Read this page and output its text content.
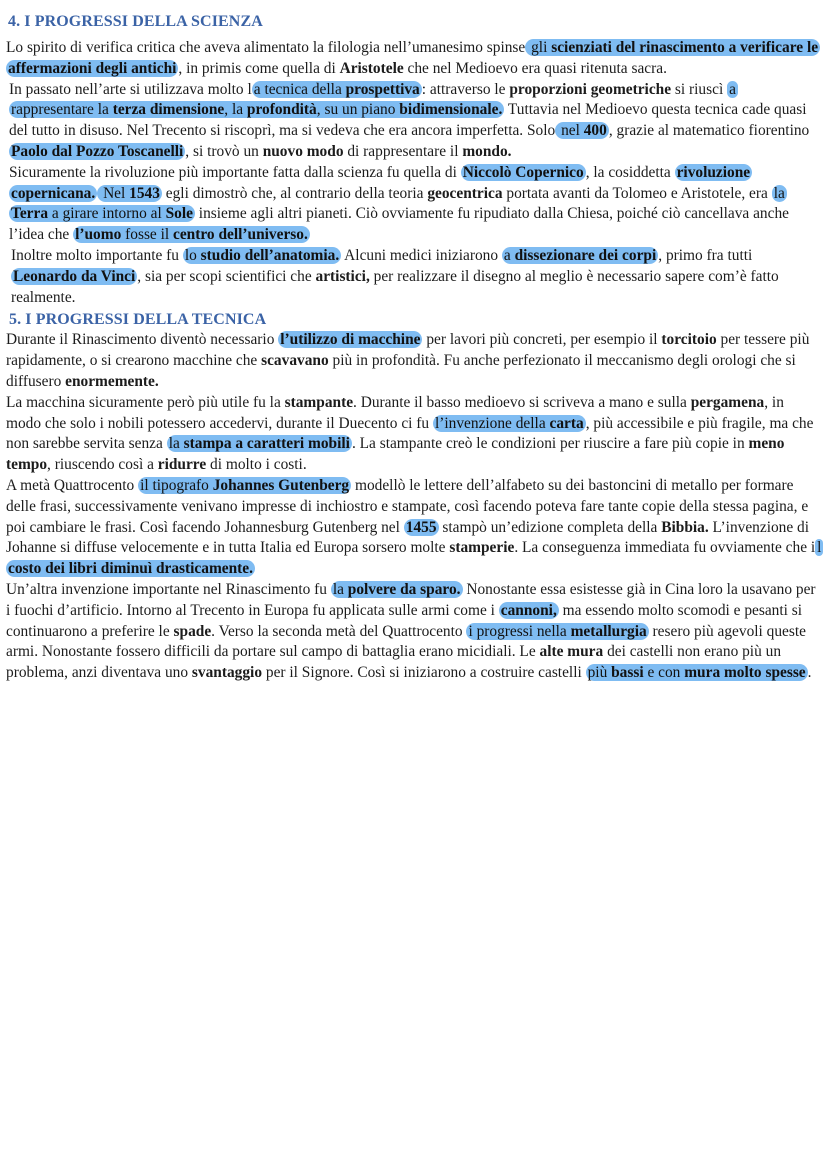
4. I PROGRESSI DELLA SCIENZA

Lo spirito di verifica critica che aveva alimentato la filologia nell’umanesimo spinse gli scienziati del rinascimento a verificare le affermazioni degli antichi , in primis come quella di Aristotele che nel Medioevo era quasi ritenuta sacra.

In passato nell’arte si utilizzava molto l a tecnica della prospettiva : attraverso le proporzioni geometriche si riuscì a rappresentare la terza dimensione, la profondità, su un piano bidimensionale. Tuttavia nel Medioevo questa tecnica cade quasi del tutto in disuso. Nel Trecento si riscoprì, ma si vedeva che era ancora imperfetta. Solo nel 400 , grazie al matematico fiorentino Paolo dal Pozzo Toscanelli , si trovò un nuovo modo di rappresentare il mondo.

Sicuramente la rivoluzione più importante fatta dalla scienza fu quella di Niccolò Copernico , la cosiddetta rivoluzione copernicana. Nel 1543 egli dimostrò che, al contrario della teoria geocentrica portata avanti da Tolomeo e Aristotele, era la Terra a girare intorno al Sole insieme agli altri pianeti. Ciò ovviamente fu ripudiato dalla Chiesa, poiché ciò cancellava anche l’idea che l’uomo fosse il centro dell’universo.

Inoltre molto importante fu lo studio dell’anatomia. Alcuni medici iniziarono a dissezionare dei corpi , primo fra tutti Leonardo da Vinci , sia per scopi scientifici che artistici, per realizzare il disegno al meglio è necessario sapere com’è fatto realmente.

5. I PROGRESSI DELLA TECNICA

Durante il Rinascimento diventò necessario l’utilizzo di macchine per lavori più concreti, per esempio il torcitoio per tessere più rapidamente, o si crearono macchine che scavavano più in profondità. Fu anche perfezionato il meccanismo degli orologi che si diffusero enormemente.

La macchina sicuramente però più utile fu la stampante. Durante il basso medioevo si scriveva a mano e sulla pergamena, in modo che solo i nobili potessero accedervi, durante il Duecento ci fu l’invenzione della carta , più accessibile e più fragile, ma che non sarebbe servita senza la stampa a caratteri mobili . La stampante creò le condizioni per riuscire a fare più copie in meno tempo, riuscendo così a ridurre di molto i costi.

A metà Quattrocento il tipografo Johannes Gutenberg modellò le lettere dell’alfabeto su dei bastoncini di metallo per formare delle frasi, successivamente venivano impresse di inchiostro e stampate, così facendo poteva fare tante copie della stessa pagina, e poi cambiare le frasi. Così facendo Johannesburg Gutenberg nel 1455 stampò un’edizione completa della Bibbia. L’invenzione di Johanne si diffuse velocemente e in tutta Italia ed Europa sorsero molte stamperie. La conseguenza immediata fu ovviamente che i l costo dei libri diminuì drasticamente.

Un’altra invenzione importante nel Rinascimento fu la polvere da sparo. Nonostante essa esistesse già in Cina loro la usavano per i fuochi d’artificio. Intorno al Trecento in Europa fu applicata sulle armi come i cannoni, ma essendo molto scomodi e pesanti si continuarono a preferire le spade. Verso la seconda metà del Quattrocento i progressi nella metallurgia resero più agevoli queste armi. Nonostante fossero difficili da portare sul campo di battaglia erano micidiali. Le alte mura dei castelli non erano più un problema, anzi diventava uno svantaggio per il Signore. Così si iniziarono a costruire castelli più bassi e con mura molto spesse .
